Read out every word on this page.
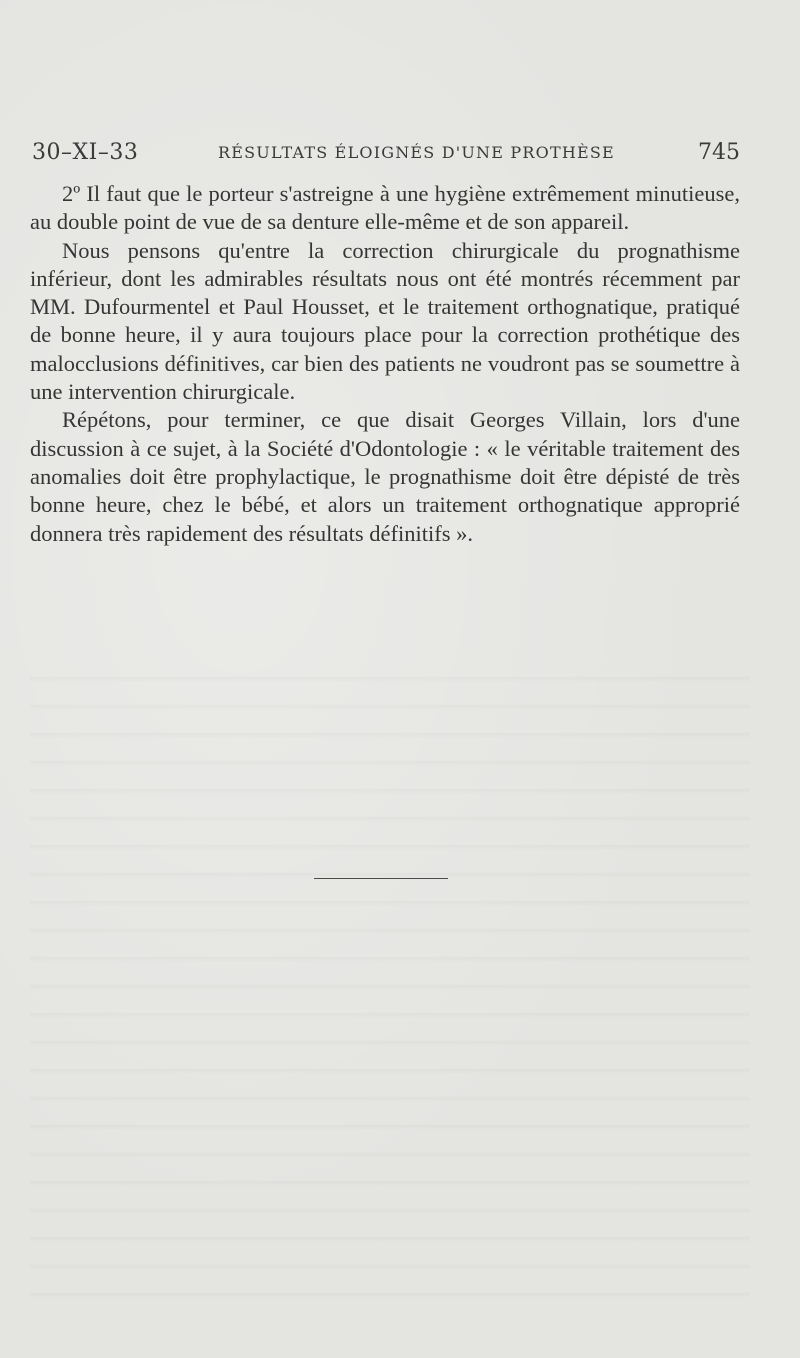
30–XI–33	RÉSULTATS ÉLOIGNÉS D'UNE PROTHÈSE	745

2º Il faut que le porteur s'astreigne à une hygiène extrêmement minutieuse, au double point de vue de sa denture elle-même et de son appareil.

Nous pensons qu'entre la correction chirurgicale du prognathisme inférieur, dont les admirables résultats nous ont été montrés récemment par MM. Dufourmentel et Paul Housset, et le traitement orthognatique, pratiqué de bonne heure, il y aura toujours place pour la correction prothétique des malocclusions définitives, car bien des patients ne voudront pas se soumettre à une intervention chirurgicale.

Répétons, pour terminer, ce que disait Georges Villain, lors d'une discussion à ce sujet, à la Société d'Odontologie : « le véritable traitement des anomalies doit être prophylactique, le prognathisme doit être dépisté de très bonne heure, chez le bébé, et alors un traitement orthognatique approprié donnera très rapidement des résultats définitifs ».
